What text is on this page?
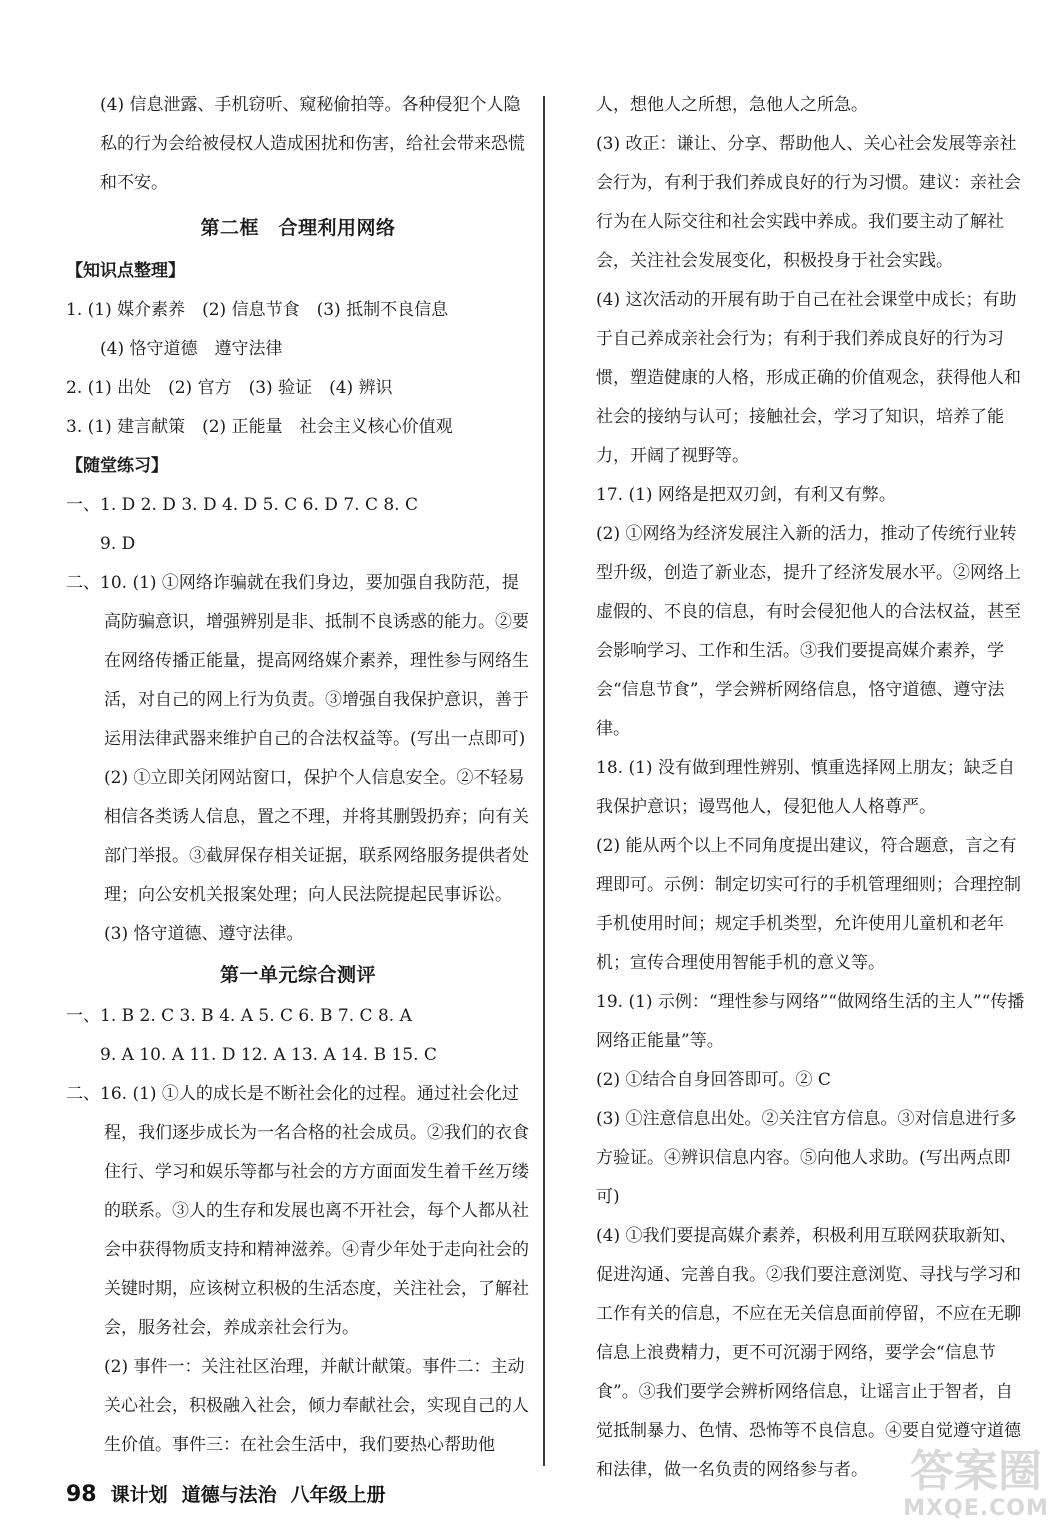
(4) 信息泄露、手机窃听、窥秘偷拍等。各种侵犯个人隐私的行为会给被侵权人造成困扰和伤害，给社会带来恐慌和不安。

第二框　合理利用网络

【知识点整理】

1. (1) 媒介素养　(2) 信息节食　(3) 抵制不良信息

(4) 恪守道德　遵守法律

2. (1) 出处　(2) 官方　(3) 验证　(4) 辨识

3. (1) 建言献策　(2) 正能量　社会主义核心价值观

【随堂练习】

一、1. D 2. D 3. D 4. D 5. C 6. D 7. C 8. C

9. D

二、10. (1) ①网络诈骗就在我们身边，要加强自我防范，提高防骗意识，增强辨别是非、抵制不良诱惑的能力。②要在网络传播正能量，提高网络媒介素养，理性参与网络生活，对自己的网上行为负责。③增强自我保护意识，善于运用法律武器来维护自己的合法权益等。(写出一点即可)

(2) ①立即关闭网站窗口，保护个人信息安全。②不轻易相信各类诱人信息，置之不理，并将其删毁扔弃；向有关部门举报。③截屏保存相关证据，联系网络服务提供者处理；向公安机关报案处理；向人民法院提起民事诉讼。

(3) 恪守道德、遵守法律。

第一单元综合测评

一、1. B 2. C 3. B 4. A 5. C 6. B 7. C 8. A

9. A 10. A 11. D 12. A 13. A 14. B 15. C

二、16. (1) ①人的成长是不断社会化的过程。通过社会化过程，我们逐步成长为一名合格的社会成员。②我们的衣食住行、学习和娱乐等都与社会的方方面面发生着千丝万缕的联系。③人的生存和发展也离不开社会，每个人都从社会中获得物质支持和精神滋养。④青少年处于走向社会的关键时期，应该树立积极的生活态度，关注社会，了解社会，服务社会，养成亲社会行为。

(2) 事件一：关注社区治理，并献计献策。事件二：主动关心社会，积极融入社会，倾力奉献社会，实现自己的人生价值。事件三：在社会生活中，我们要热心帮助他

人，想他人之所想，急他人之所急。

(3) 改正：谦让、分享、帮助他人、关心社会发展等亲社会行为，有利于我们养成良好的行为习惯。建议：亲社会行为在人际交往和社会实践中养成。我们要主动了解社会，关注社会发展变化，积极投身于社会实践。

(4) 这次活动的开展有助于自己在社会课堂中成长；有助于自己养成亲社会行为；有利于我们养成良好的行为习惯，塑造健康的人格，形成正确的价值观念，获得他人和社会的接纳与认可；接触社会，学习了知识，培养了能力，开阔了视野等。

17. (1) 网络是把双刃剑，有利又有弊。

(2) ①网络为经济发展注入新的活力，推动了传统行业转型升级，创造了新业态，提升了经济发展水平。②网络上虚假的、不良的信息，有时会侵犯他人的合法权益，甚至会影响学习、工作和生活。③我们要提高媒介素养，学会“信息节食”，学会辨析网络信息，恪守道德、遵守法律。

18. (1) 没有做到理性辨别、慎重选择网上朋友；缺乏自我保护意识；谩骂他人，侵犯他人人格尊严。

(2) 能从两个以上不同角度提出建议，符合题意，言之有理即可。示例：制定切实可行的手机管理细则；合理控制手机使用时间；规定手机类型，允许使用儿童机和老年机；宣传合理使用智能手机的意义等。

19. (1) 示例：“理性参与网络”“做网络生活的主人”“传播网络正能量”等。

(2) ①结合自身回答即可。② C

(3) ①注意信息出处。②关注官方信息。③对信息进行多方验证。④辨识信息内容。⑤向他人求助。(写出两点即可)

(4) ①我们要提高媒介素养，积极利用互联网获取新知、促进沟通、完善自我。②我们要注意浏览、寻找与学习和工作有关的信息，不应在无关信息面前停留，不应在无聊信息上浪费精力，更不可沉溺于网络，要学会“信息节食”。③我们要学会辨析网络信息，让谣言止于智者，自觉抵制暴力、色情、恐怖等不良信息。④要自觉遵守道德和法律，做一名负责的网络参与者。

98 课计划 道德与法治 八年级上册	答案圈
MXQE.COM
